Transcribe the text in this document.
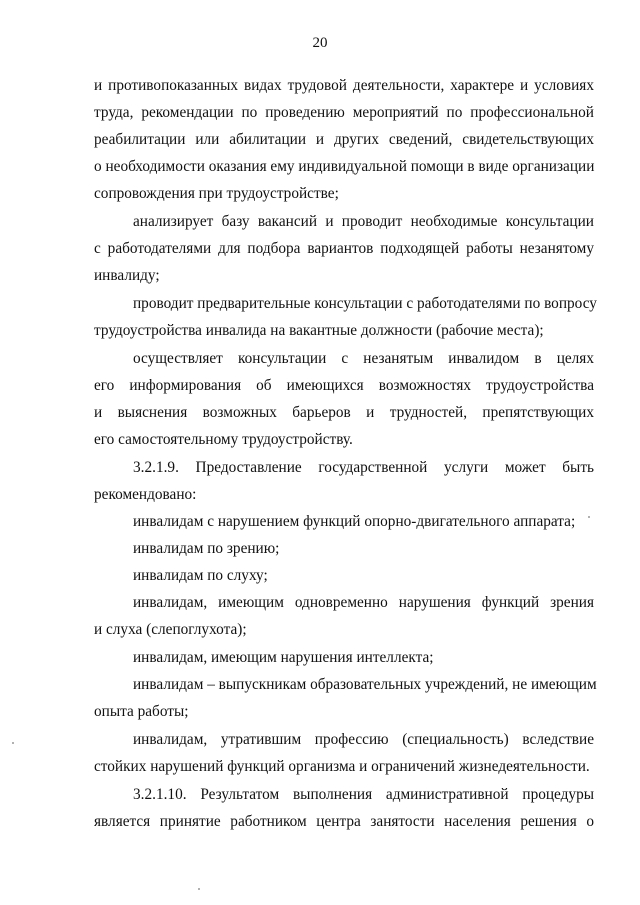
20
и противопоказанных видах трудовой деятельности, характере и условиях
труда, рекомендации по проведению мероприятий по профессиональной
реабилитации или абилитации и других сведений, свидетельствующих
о необходимости оказания ему индивидуальной помощи в виде организации
сопровождения при трудоустройстве;
анализирует базу вакансий и проводит необходимые консультации
с работодателями для подбора вариантов подходящей работы незанятому
инвалиду;
проводит предварительные консультации с работодателями по вопросу
трудоустройства инвалида на вакантные должности (рабочие места);
осуществляет консультации с незанятым инвалидом в целях
его информирования об имеющихся возможностях трудоустройства
и выяснения возможных барьеров и трудностей, препятствующих
его самостоятельному трудоустройству.
3.2.1.9. Предоставление государственной услуги может быть
рекомендовано:
инвалидам с нарушением функций опорно-двигательного аппарата;
инвалидам по зрению;
инвалидам по слуху;
инвалидам, имеющим одновременно нарушения функций зрения
и слуха (слепоглухота);
инвалидам, имеющим нарушения интеллекта;
инвалидам – выпускникам образовательных учреждений, не имеющим
опыта работы;
инвалидам, утратившим профессию (специальность) вследствие
стойких нарушений функций организма и ограничений жизнедеятельности.
3.2.1.10. Результатом выполнения административной процедуры
является принятие работником центра занятости населения решения о
